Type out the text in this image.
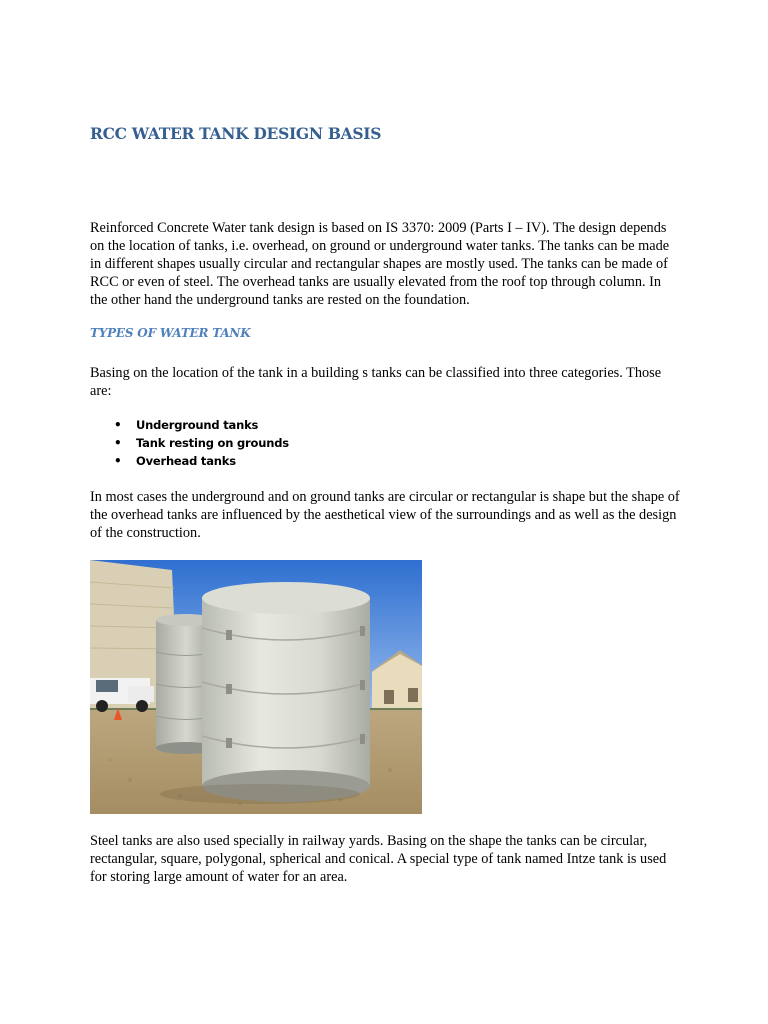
RCC WATER TANK DESIGN BASIS

Reinforced Concrete Water tank design is based on IS 3370: 2009 (Parts I – IV). The design depends on the location of tanks, i.e. overhead, on ground or underground water tanks. The tanks can be made in different shapes usually circular and rectangular shapes are mostly used. The tanks can be made of RCC or even of steel. The overhead tanks are usually elevated from the roof top through column. In the other hand the underground tanks are rested on the foundation.

TYPES OF WATER TANK

Basing on the location of the tank in a building s tanks can be classified into three categories. Those are:

• Underground tanks
• Tank resting on grounds
• Overhead tanks

In most cases the underground and on ground tanks are circular or rectangular is shape but the shape of the overhead tanks are influenced by the aesthetical view of the surroundings and as well as the design of the construction.

Steel tanks are also used specially in railway yards. Basing on the shape the tanks can be circular, rectangular, square, polygonal, spherical and conical. A special type of tank named Intze tank is used for storing large amount of water for an area.
